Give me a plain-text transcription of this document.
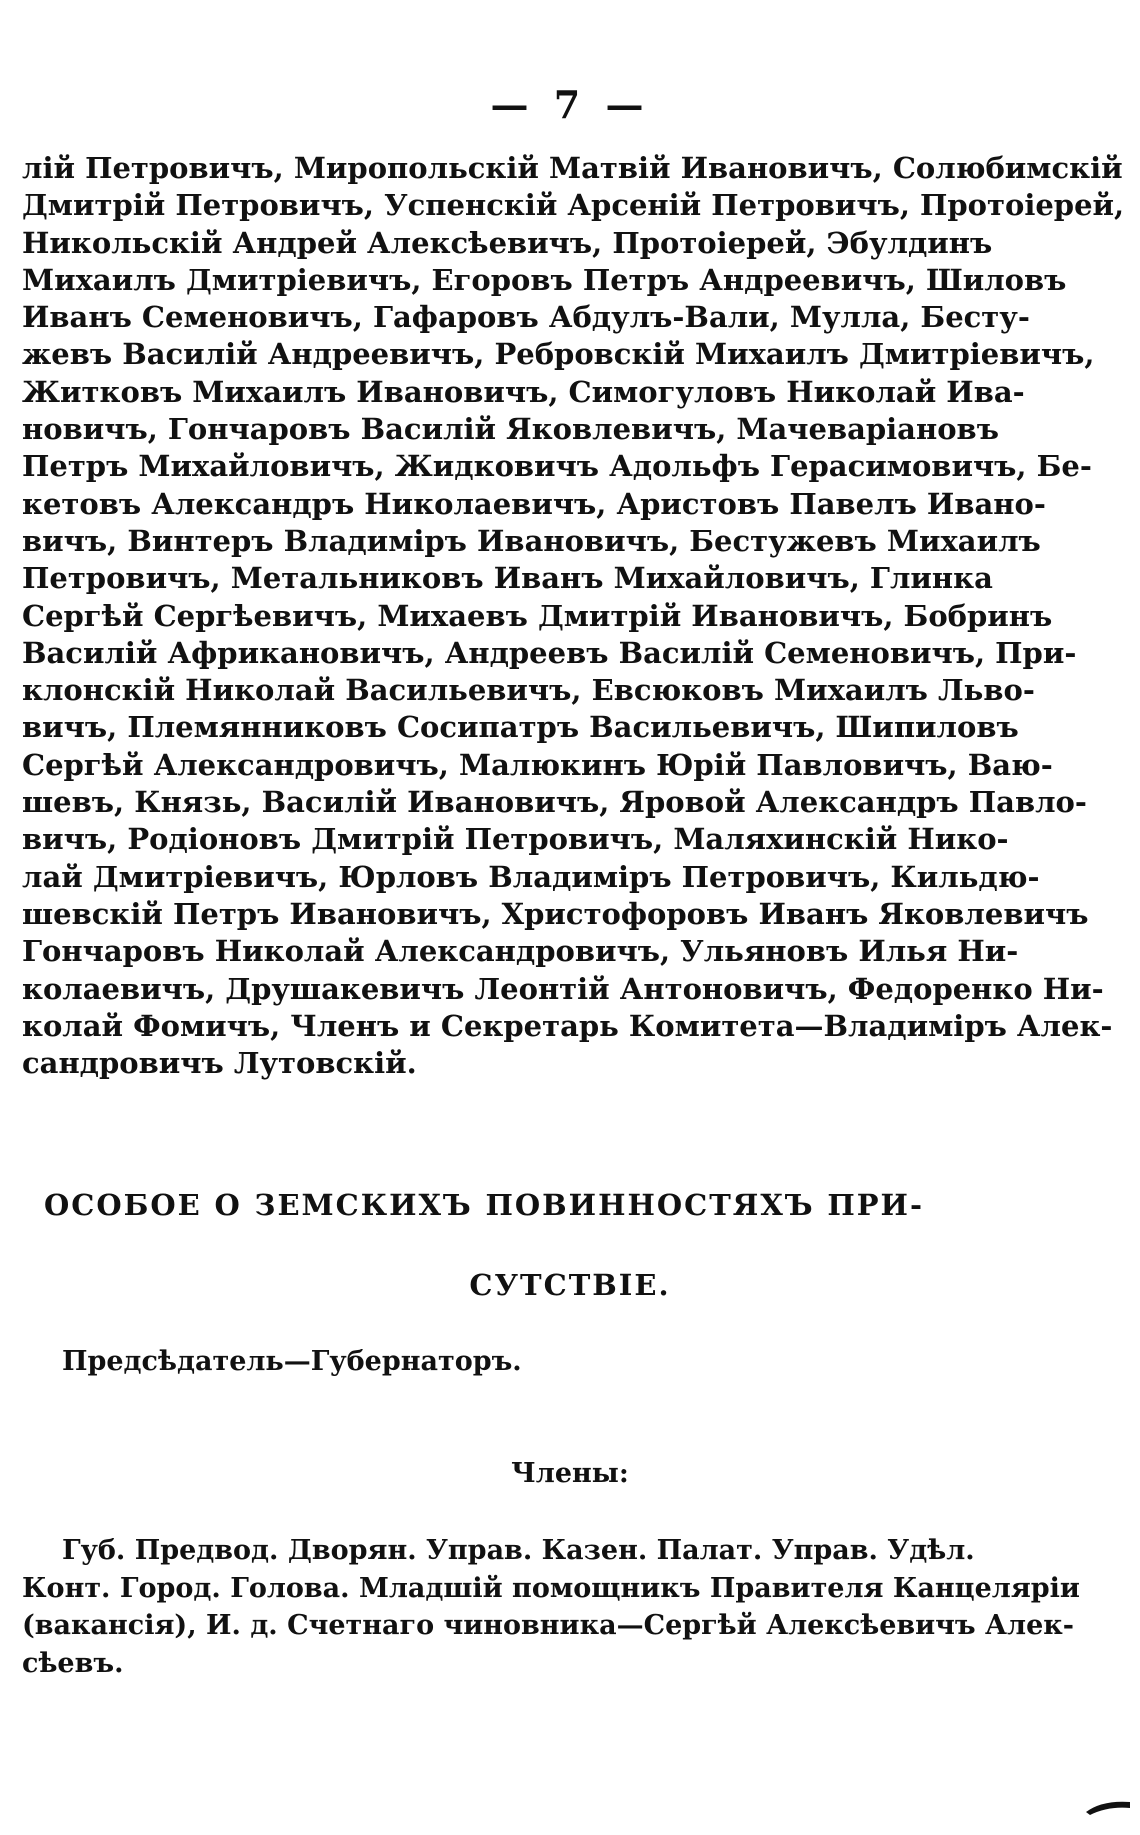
— 7 —
лій Петровичъ, Миропольскій Матвій Ивановичъ, Солюбимскій
Дмитрій Петровичъ, Успенскій Арсеній Петровичъ, Протоіерей,
Никольскій Андрей Алексѣевичъ, Протоіерей, Эбулдинъ
Михаилъ Дмитріевичъ, Егоровъ Петръ Андреевичъ, Шиловъ
Иванъ Семеновичъ, Гафаровъ Абдулъ-Вали, Мулла, Бесту-
жевъ Василій Андреевичъ, Ребровскій Михаилъ Дмитріевичъ,
Житковъ Михаилъ Ивановичъ, Симогуловъ Николай Ива-
новичъ, Гончаровъ Василій Яковлевичъ, Мачеваріановъ
Петръ Михайловичъ, Жидковичъ Адольфъ Герасимовичъ, Бе-
кетовъ Александръ Николаевичъ, Аристовъ Павелъ Ивано-
вичъ, Винтеръ Владиміръ Ивановичъ, Бестужевъ Михаилъ
Петровичъ, Метальниковъ Иванъ Михайловичъ, Глинка
Сергѣй Сергѣевичъ, Михаевъ Дмитрій Ивановичъ, Бобринъ
Василій Африкановичъ, Андреевъ Василій Семеновичъ, При-
клонскій Николай Васильевичъ, Евсюковъ Михаилъ Льво-
вичъ, Племянниковъ Сосипатръ Васильевичъ, Шипиловъ
Сергѣй Александровичъ, Малюкинъ Юрій Павловичъ, Ваю-
шевъ, Князь, Василій Ивановичъ, Яровой Александръ Павло-
вичъ, Родіоновъ Дмитрій Петровичъ, Маляхинскій Нико-
лай Дмитріевичъ, Юрловъ Владиміръ Петровичъ, Кильдю-
шевскій Петръ Ивановичъ, Христофоровъ Иванъ Яковлевичъ
Гончаровъ Николай Александровичъ, Ульяновъ Илья Ни-
колаевичъ, Друшакевичъ Леонтій Антоновичъ, Федоренко Ни-
колай Фомичъ, Членъ и Секретарь Комитета—Владиміръ Алек-
сандровичъ Лутовскій.
ОСОБОЕ О ЗЕМСКИХЪ ПОВИННОСТЯХЪ ПРИ-
СУТСТВІЕ.
Предсѣдатель—Губернаторъ.
Члены:
Губ. Предвод. Дворян. Управ. Казен. Палат. Управ. Удѣл.
Конт. Город. Голова. Младшій помощникъ Правителя Канцеляріи
(вакансія), И. д. Счетнаго чиновника—Сергѣй Алексѣевичъ Алек-
сѣевъ.
